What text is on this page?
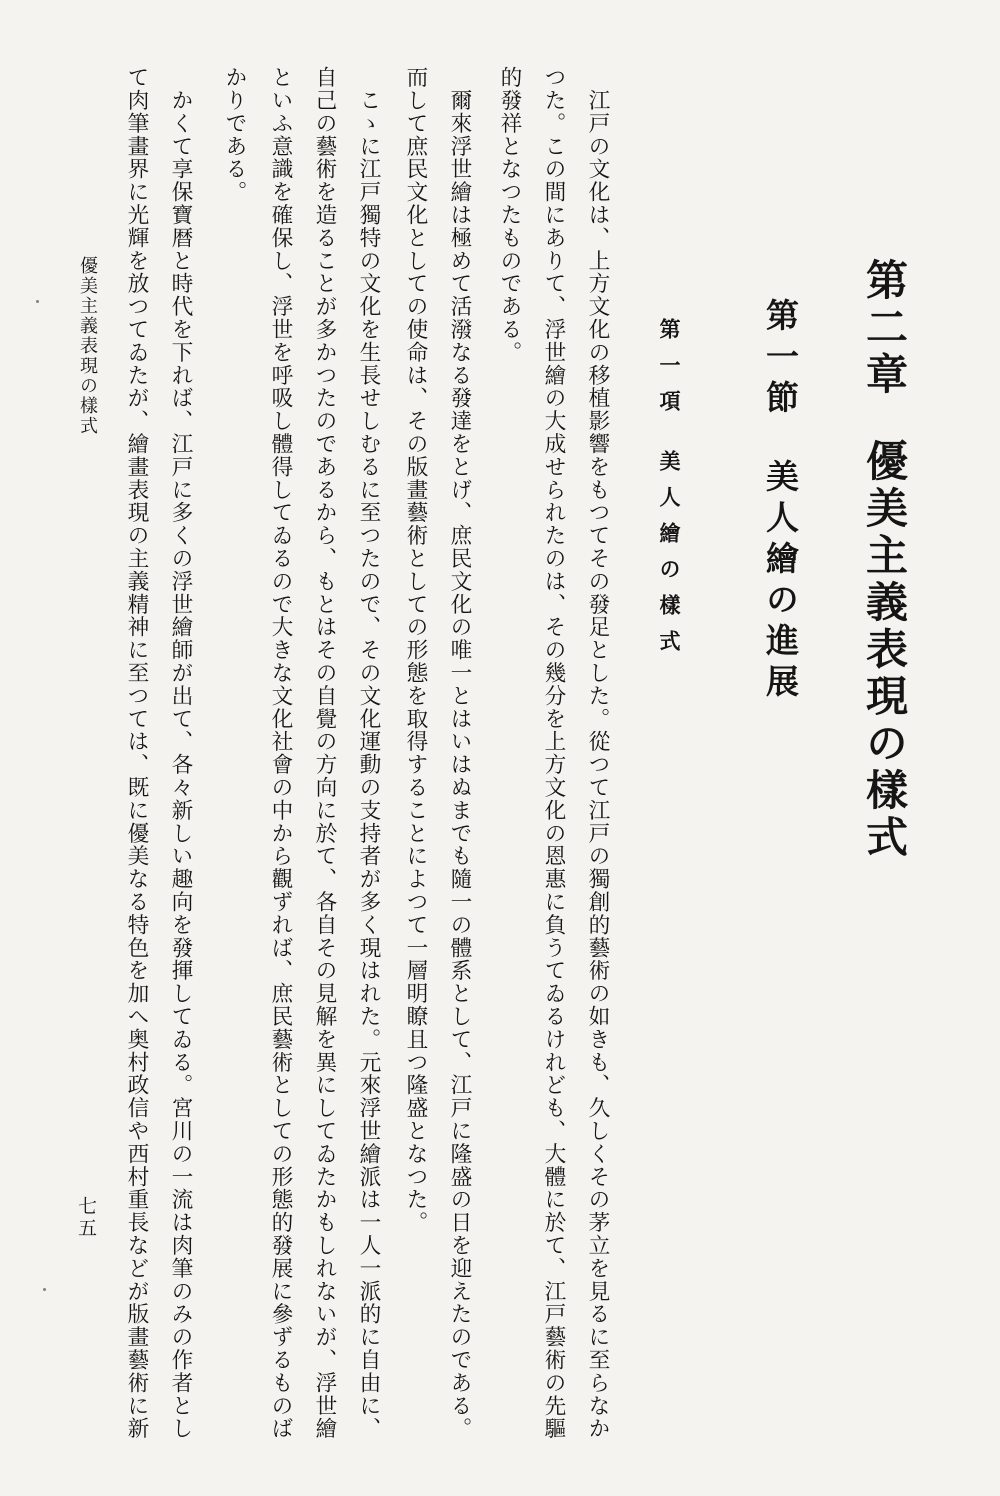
第二章優美主義表現の樣式
第一節美人繪の進展
第一項美人繪の樣式

　江戸の文化は、上方文化の移植影響をもつてその發足とした。從つて江戸の獨創的藝術の如きも、久しくその茅立を見るに至らなか

つた。この間にありて、浮世繪の大成せられたのは、その幾分を上方文化の恩惠に負うてゐるけれども、大體に於て、江戸藝術の先驅

的發祥となつたものである。

　爾來浮世繪は極めて活潑なる發達をとげ、庶民文化の唯一とはいはぬまでも隨一の體系として、江戸に隆盛の日を迎えたのである。

而して庶民文化としての使命は、その版畫藝術としての形態を取得することによつて一層明瞭且つ隆盛となつた。

　こゝに江戸獨特の文化を生長せしむるに至つたので、その文化運動の支持者が多く現はれた。元來浮世繪派は一人一派的に自由に、

自己の藝術を造ることが多かつたのであるから、もとはその自覺の方向に於て、各自その見解を異にしてゐたかもしれないが、浮世繪

といふ意識を確保し、浮世を呼吸し體得してゐるので大きな文化社會の中から觀ずれば、庶民藝術としての形態的發展に參ずるものば

かりである。

　かくて享保寶暦と時代を下れば、江戸に多くの浮世繪師が出て、各々新しい趣向を發揮してゐる。宮川の一流は肉筆のみの作者とし

て肉筆畫界に光輝を放つてゐたが、繪畫表現の主義精神に至つては、既に優美なる特色を加へ奥村政信や西村重長などが版畫藝術に新

優美主義表現の樣式
七五
